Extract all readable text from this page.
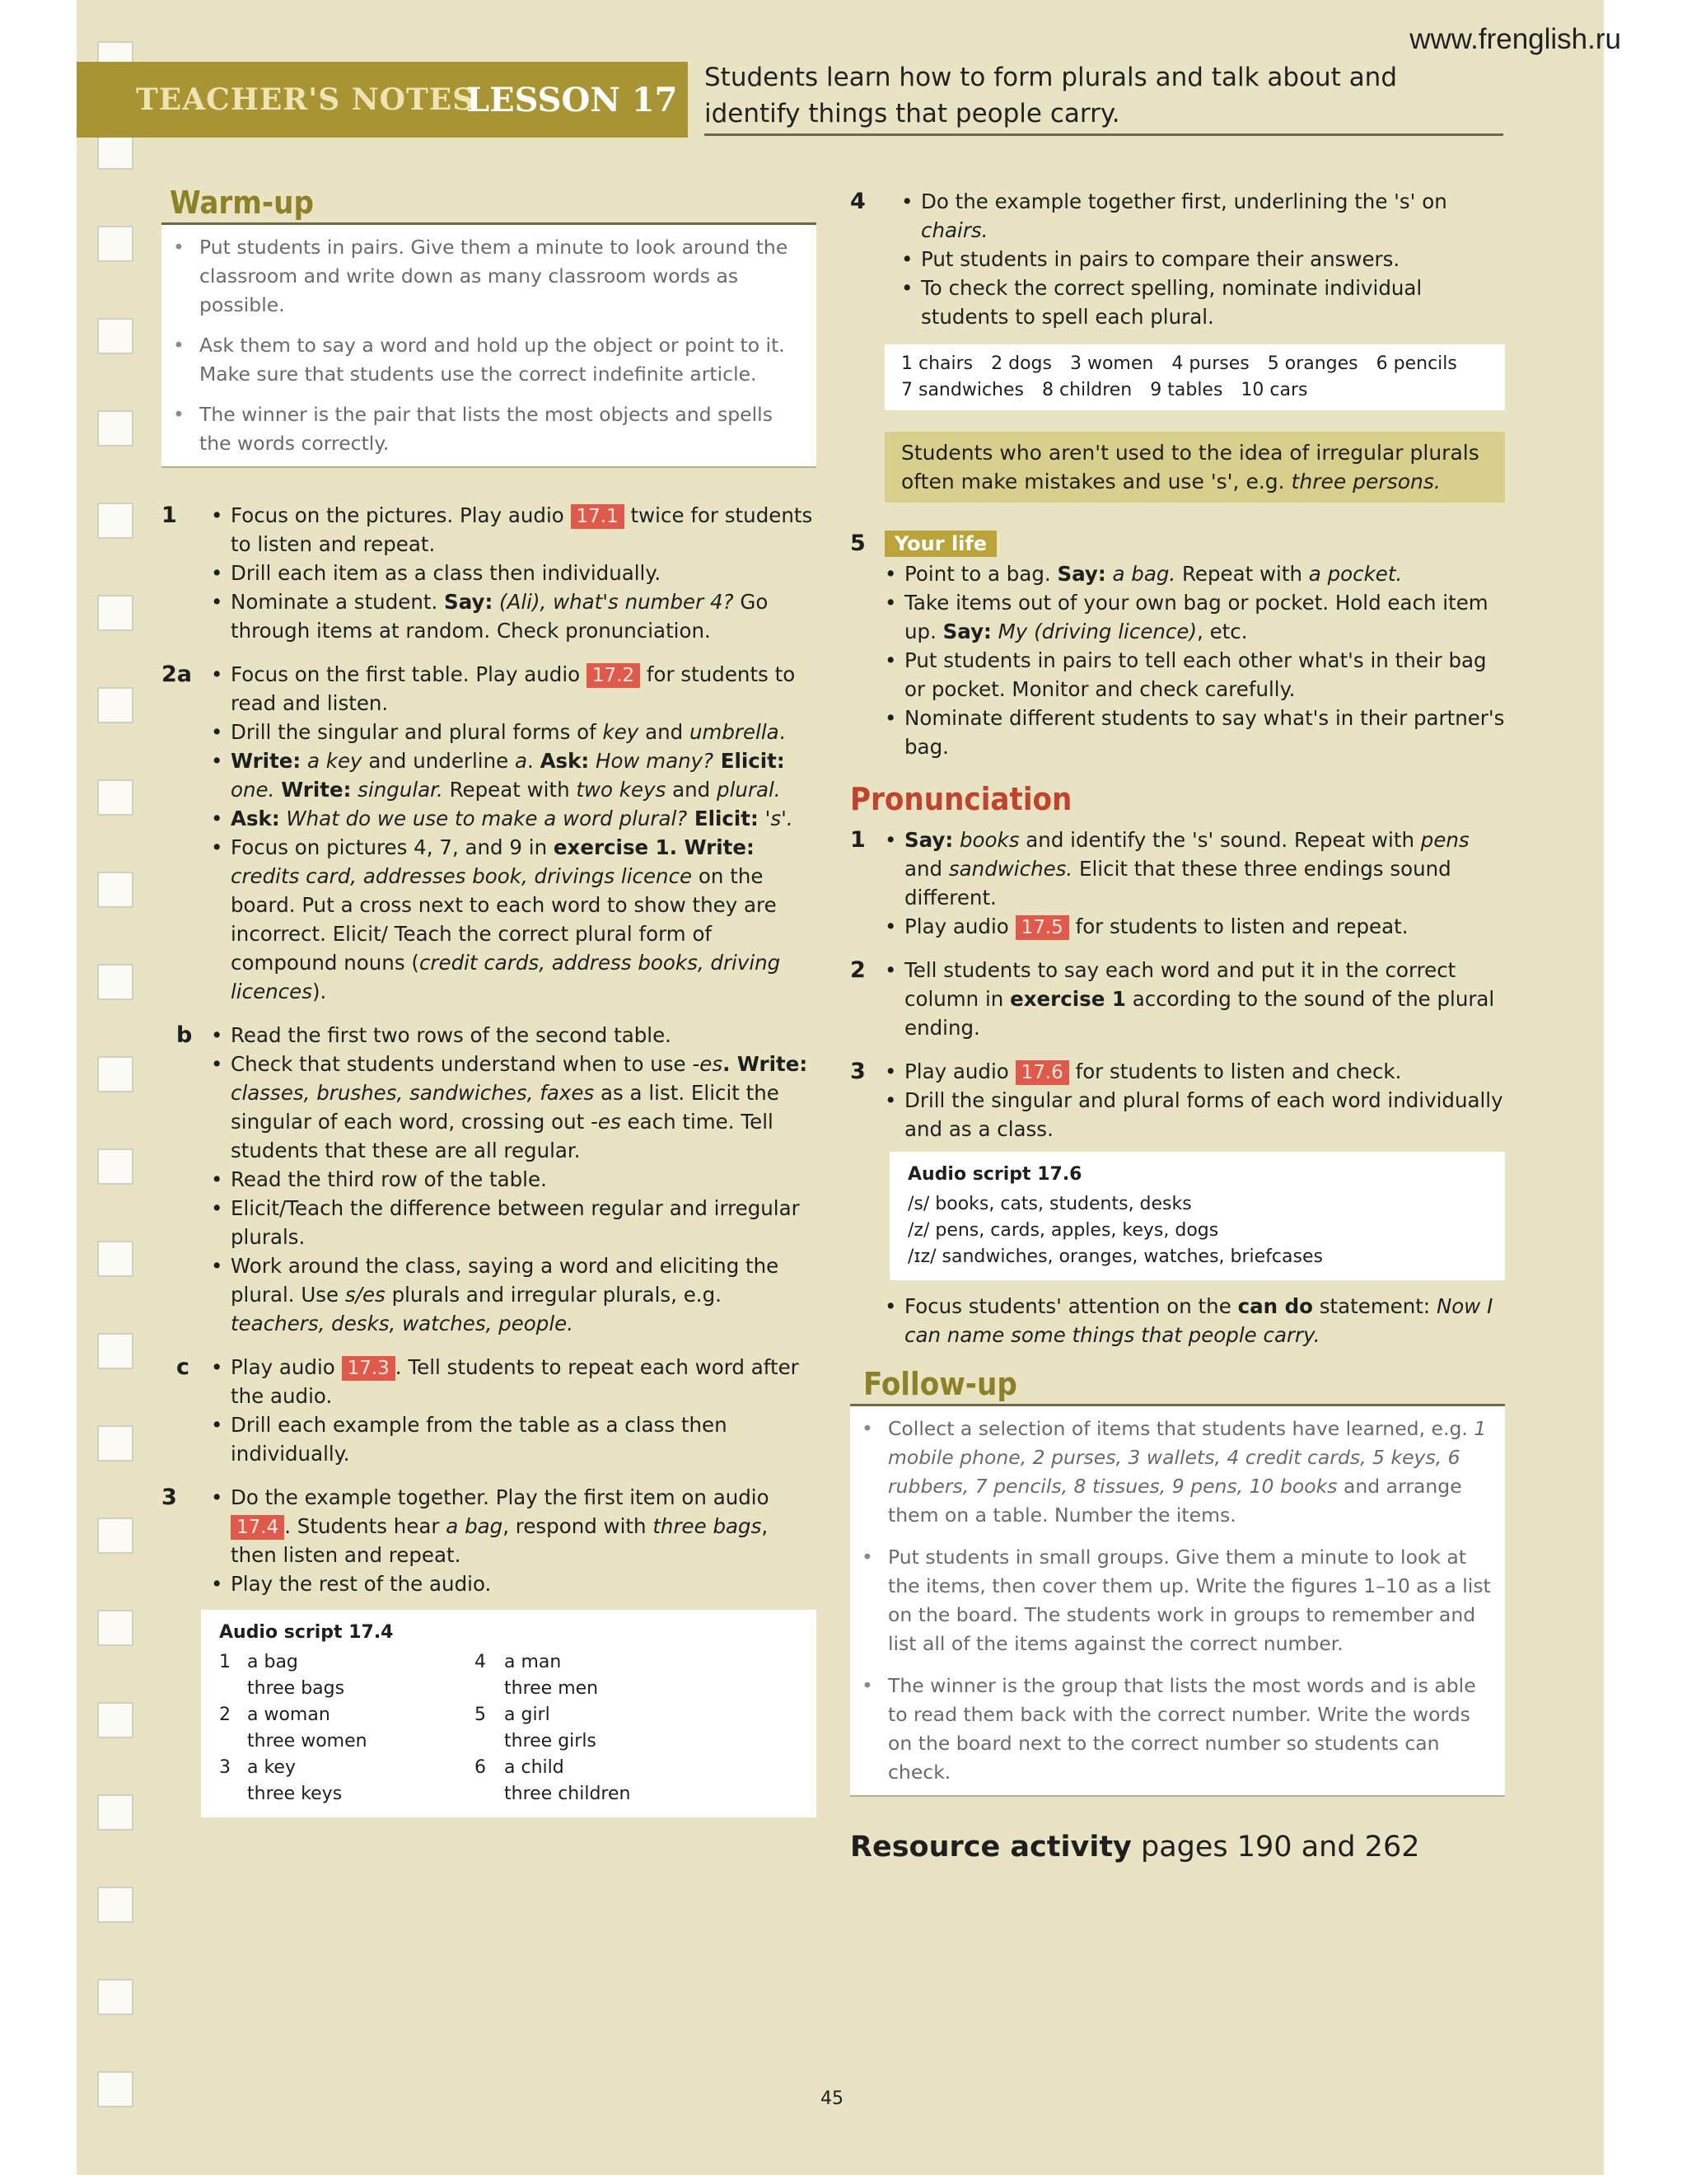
www.frenglish.ru
TEACHER'S NOTES
LESSON 17
Students learn how to form plurals and talk about and identify things that people carry.
Warm-up

• Put students in pairs. Give them a minute to look around the classroom and write down as many classroom words as possible.

• Ask them to say a word and hold up the object or point to it. Make sure that students use the correct indefinite article.

• The winner is the pair that lists the most objects and spells the words correctly.

1	• Focus on the pictures. Play audio 17.1 twice for students to listen and repeat.
• Drill each item as a class then individually.
• Nominate a student. Say: (Ali), what's number 4? Go through items at random. Check pronunciation.
2a	• Focus on the first table. Play audio 17.2 for students to read and listen.
• Drill the singular and plural forms of key and umbrella.
• Write: a key and underline a. Ask: How many? Elicit: one. Write: singular. Repeat with two keys and plural.
• Ask: What do we use to make a word plural? Elicit: 's'.
• Focus on pictures 4, 7, and 9 in exercise 1. Write: credits card, addresses book, drivings licence on the board. Put a cross next to each word to show they are incorrect. Elicit/ Teach the correct plural form of compound nouns (credit cards, address books, driving licences).
b	• Read the first two rows of the second table.
• Check that students understand when to use -es. Write: classes, brushes, sandwiches, faxes as a list. Elicit the singular of each word, crossing out -es each time. Tell students that these are all regular.
• Read the third row of the table.
• Elicit/Teach the difference between regular and irregular plurals.
• Work around the class, saying a word and eliciting the plural. Use s/es plurals and irregular plurals, e.g. teachers, desks, watches, people.
c	• Play audio 17.3 . Tell students to repeat each word after the audio.
• Drill each example from the table as a class then individually.
3	• Do the example together. Play the first item on audio 17.4 . Students hear a bag, respond with three bags, then listen and repeat.
• Play the rest of the audio.
Audio script 17.4
1 a bag
three bags
2 a woman
three women
3 a key
three keys
4	a man
three men
5	a girl
three girls
6	a child
three children
4	• Do the example together first, underlining the 's' on chairs.
• Put students in pairs to compare their answers.
• To check the correct spelling, nominate individual students to spell each plural.
1 chairs 2 dogs 3 women 4 purses 5 oranges 6 pencils
7 sandwiches 8 children 9 tables 10 cars
Students who aren't used to the idea of irregular plurals often make mistakes and use 's', e.g. three persons.
5	Your life
• Point to a bag. Say: a bag. Repeat with a pocket.
• Take items out of your own bag or pocket. Hold each item up. Say: My (driving licence), etc.
• Put students in pairs to tell each other what's in their bag or pocket. Monitor and check carefully.
• Nominate different students to say what's in their partner's bag.
Pronunciation
1	• Say: books and identify the 's' sound. Repeat with pens and sandwiches. Elicit that these three endings sound different.
• Play audio 17.5 for students to listen and repeat.
2	• Tell students to say each word and put it in the correct column in exercise 1 according to the sound of the plural ending.
3	• Play audio 17.6 for students to listen and check.
• Drill the singular and plural forms of each word individually and as a class.
Audio script 17.6
/s/ books, cats, students, desks
/z/ pens, cards, apples, keys, dogs
/ɪz/ sandwiches, oranges, watches, briefcases
• Focus students' attention on the can do statement: Now I can name some things that people carry.
Follow-up

• Collect a selection of items that students have learned, e.g. 1 mobile phone, 2 purses, 3 wallets, 4 credit cards, 5 keys, 6 rubbers, 7 pencils, 8 tissues, 9 pens, 10 books and arrange them on a table. Number the items.

• Put students in small groups. Give them a minute to look at the items, then cover them up. Write the figures 1–10 as a list on the board. The students work in groups to remember and list all of the items against the correct number.

• The winner is the group that lists the most words and is able to read them back with the correct number. Write the words on the board next to the correct number so students can check.

Resource activity pages 190 and 262
45
